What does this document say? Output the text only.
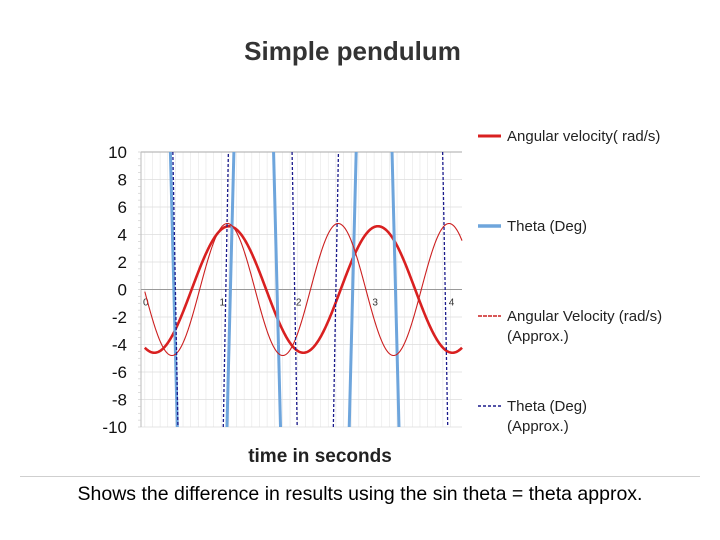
Simple pendulum
10
8
6
4
2
0
-2
-4
-6
-8
-10
0	1	2	3	4
Angular velocity( rad/s)
Theta (Deg)
Angular Velocity (rad/s)
(Approx.)
Theta (Deg)
(Approx.)
time in seconds
Shows the difference in results using the sin theta = theta approx.
